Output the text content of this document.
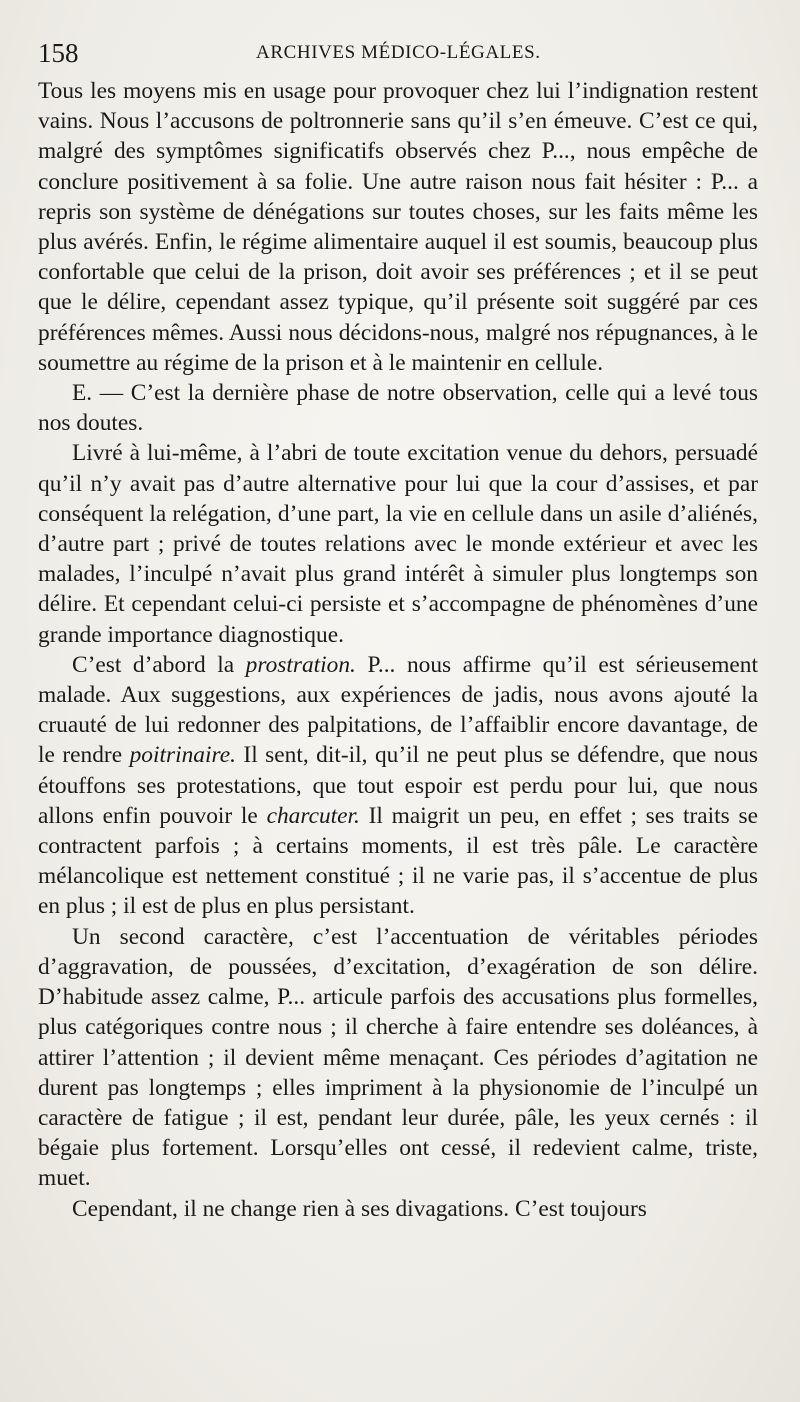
158	ARCHIVES MÉDICO-LÉGALES.

Tous les moyens mis en usage pour provoquer chez lui l’indignation restent vains. Nous l’accusons de poltronnerie sans qu’il s’en émeuve. C’est ce qui, malgré des symptômes significatifs observés chez P..., nous empêche de conclure positivement à sa folie. Une autre raison nous fait hésiter : P... a repris son système de dénégations sur toutes choses, sur les faits même les plus avérés. Enfin, le régime alimentaire auquel il est soumis, beaucoup plus confortable que celui de la prison, doit avoir ses préférences ; et il se peut que le délire, cependant assez typique, qu’il présente soit suggéré par ces préférences mêmes. Aussi nous décidons-nous, malgré nos répugnances, à le soumettre au régime de la prison et à le maintenir en cellule.

E. — C’est la dernière phase de notre observation, celle qui a levé tous nos doutes.

Livré à lui-même, à l’abri de toute excitation venue du dehors, persuadé qu’il n’y avait pas d’autre alternative pour lui que la cour d’assises, et par conséquent la relégation, d’une part, la vie en cellule dans un asile d’aliénés, d’autre part ; privé de toutes relations avec le monde extérieur et avec les malades, l’inculpé n’avait plus grand intérêt à simuler plus longtemps son délire. Et cependant celui-ci persiste et s’accompagne de phénomènes d’une grande importance diagnostique.

C’est d’abord la prostration. P... nous affirme qu’il est sérieusement malade. Aux suggestions, aux expériences de jadis, nous avons ajouté la cruauté de lui redonner des palpitations, de l’affaiblir encore davantage, de le rendre poitrinaire. Il sent, dit-il, qu’il ne peut plus se défendre, que nous étouffons ses protestations, que tout espoir est perdu pour lui, que nous allons enfin pouvoir le charcuter. Il maigrit un peu, en effet ; ses traits se contractent parfois ; à certains moments, il est très pâle. Le caractère mélancolique est nettement constitué ; il ne varie pas, il s’accentue de plus en plus ; il est de plus en plus persistant.

Un second caractère, c’est l’accentuation de véritables périodes d’aggravation, de poussées, d’excitation, d’exagération de son délire. D’habitude assez calme, P... articule parfois des accusations plus formelles, plus catégoriques contre nous ; il cherche à faire entendre ses doléances, à attirer l’attention ; il devient même menaçant. Ces périodes d’agitation ne durent pas longtemps ; elles impriment à la physionomie de l’inculpé un caractère de fatigue ; il est, pendant leur durée, pâle, les yeux cernés : il bégaie plus fortement. Lorsqu’elles ont cessé, il redevient calme, triste, muet.

Cependant, il ne change rien à ses divagations. C’est toujours
